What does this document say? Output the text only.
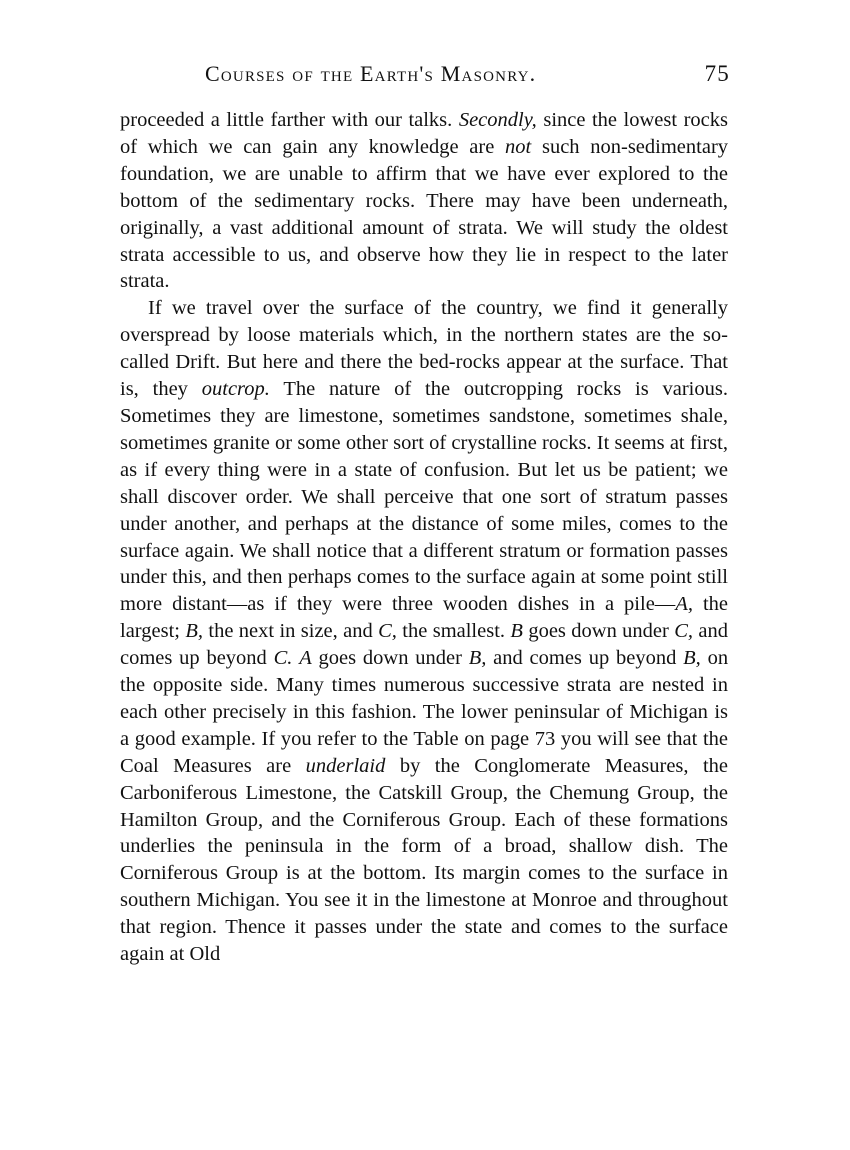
Courses of the Earth's Masonry.	75

proceeded a little farther with our talks. Secondly, since the lowest rocks of which we can gain any knowledge are not such non-sedimentary foundation, we are unable to affirm that we have ever explored to the bottom of the sedimentary rocks. There may have been underneath, originally, a vast additional amount of strata. We will study the oldest strata accessible to us, and observe how they lie in respect to the later strata.

If we travel over the surface of the country, we find it generally overspread by loose materials which, in the northern states are the so-called Drift. But here and there the bed-rocks appear at the surface. That is, they outcrop. The nature of the outcropping rocks is various. Sometimes they are limestone, sometimes sandstone, sometimes shale, sometimes granite or some other sort of crystalline rocks. It seems at first, as if every thing were in a state of confusion. But let us be patient; we shall discover order. We shall perceive that one sort of stratum passes under another, and perhaps at the distance of some miles, comes to the surface again. We shall notice that a different stratum or formation passes under this, and then perhaps comes to the surface again at some point still more distant—as if they were three wooden dishes in a pile—A, the largest; B, the next in size, and C, the smallest. B goes down under C, and comes up beyond C. A goes down under B, and comes up beyond B, on the opposite side. Many times numerous successive strata are nested in each other precisely in this fashion. The lower peninsular of Michigan is a good example. If you refer to the Table on page 73 you will see that the Coal Measures are underlaid by the Conglomerate Measures, the Carboniferous Limestone, the Catskill Group, the Chemung Group, the Hamilton Group, and the Corniferous Group. Each of these formations underlies the peninsula in the form of a broad, shallow dish. The Corniferous Group is at the bottom. Its margin comes to the surface in southern Michigan. You see it in the limestone at Monroe and throughout that region. Thence it passes under the state and comes to the surface again at Old
